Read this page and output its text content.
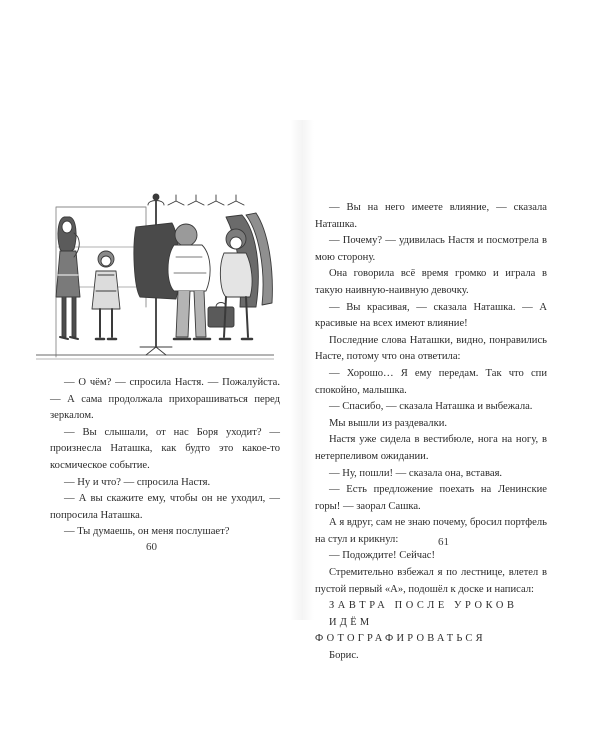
— О чём? — спросила Настя. — Пожалуйста. — А сама продолжала прихорашиваться перед зеркалом.

— Вы слышали, от нас Боря уходит? — произнесла Наташка, как будто это какое-то космическое событие.

— Ну и что? — спросила Настя.

— А вы скажите ему, чтобы он не уходил, — попросила Наташка.

— Ты думаешь, он меня послушает?

60

— Вы на него имеете влияние, — сказала Наташка.

— Почему? — удивилась Настя и посмотрела в мою сторону.

Она говорила всё время громко и играла в такую наивную-наивную девочку.

— Вы красивая, — сказала Наташка. — А красивые на всех имеют влияние!

Последние слова Наташки, видно, понравились Насте, потому что она ответила:

— Хорошо… Я ему передам. Так что спи спокойно, малышка.

— Спасибо, — сказала Наташка и выбежала.

Мы вышли из раздевалки.

Настя уже сидела в вестибюле, нога на ногу, в нетерпеливом ожидании.

— Ну, пошли! — сказала она, вставая.

— Есть предложение поехать на Ленинские горы! — заорал Сашка.

А я вдруг, сам не знаю почему, бросил портфель на стул и крикнул:

— Подождите! Сейчас!

Стремительно взбежал я по лестнице, влетел в пустой первый «А», подошёл к доске и написал:

ЗАВТРА ПОСЛЕ УРОКОВ

ИДЁМ ФОТОГРАФИРОВАТЬСЯ

Борис.

61
